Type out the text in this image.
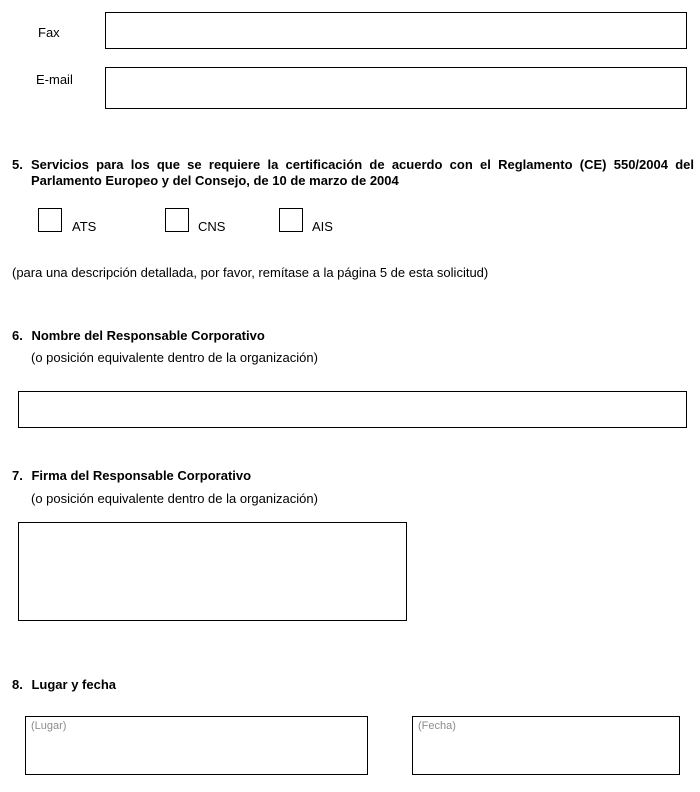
Fax
E-mail
5. Servicios para los que se requiere la certificación de acuerdo con el Reglamento (CE) 550/2004 del Parlamento Europeo y del Consejo, de 10 de marzo de 2004
ATS	CNS	AIS
(para una descripción detallada, por favor, remítase a la página 5 de esta solicitud)
6. Nombre del Responsable Corporativo
(o posición equivalente dentro de la organización)
7. Firma del Responsable Corporativo
(o posición equivalente dentro de la organización)
8. Lugar y fecha
(Lugar)	(Fecha)
